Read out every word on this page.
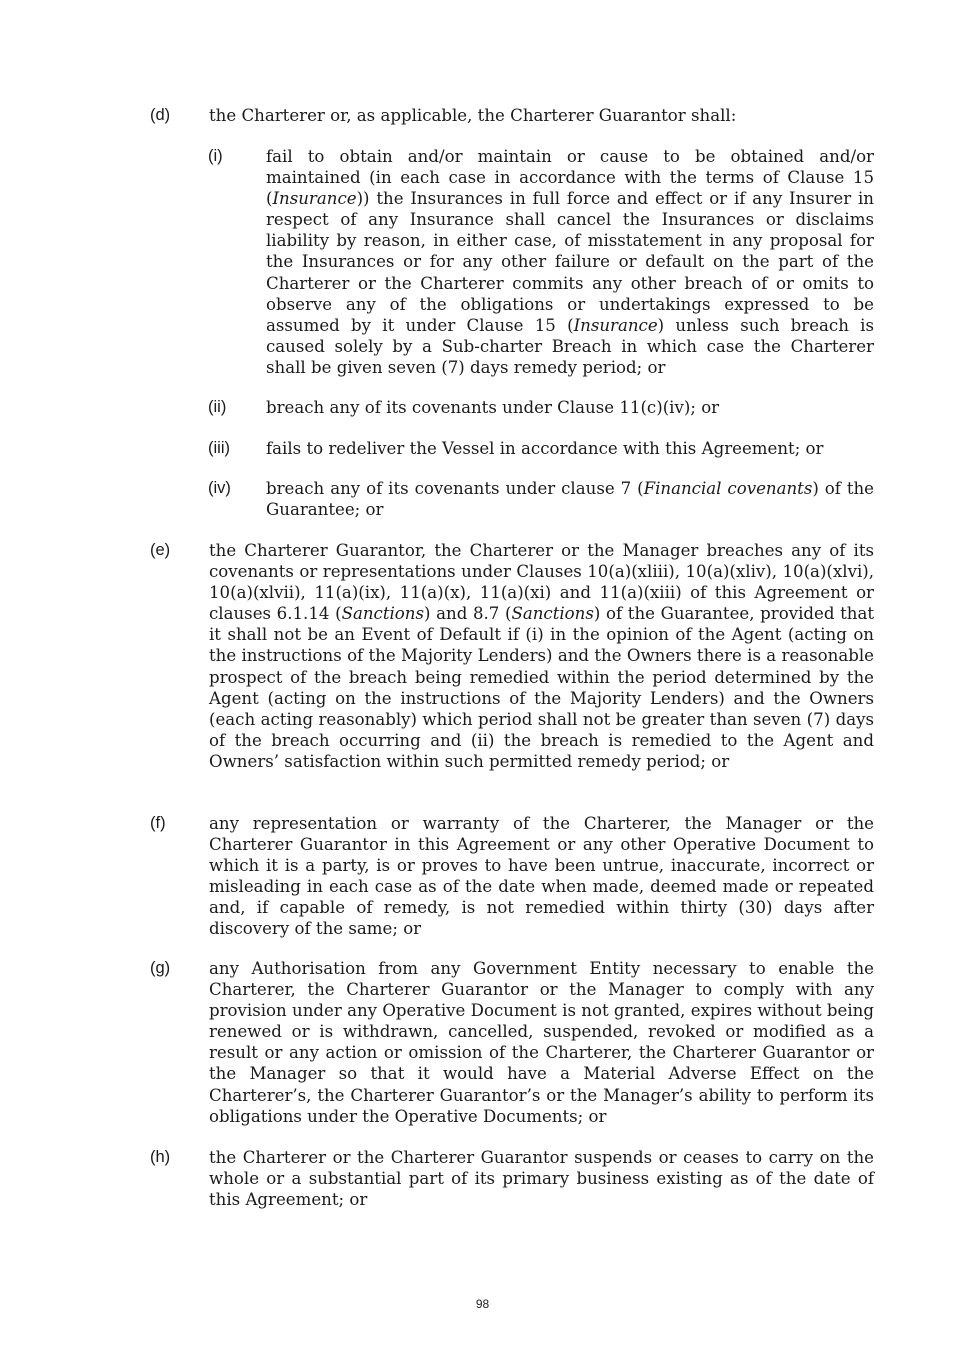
(d) the Charterer or, as applicable, the Charterer Guarantor shall:
(i)	fail to obtain and/or maintain or cause to be obtained and/or maintained (in each case in accordance with the terms of Clause 15 (Insurance)) the Insurances in full force and effect or if any Insurer in respect of any Insurance shall cancel the Insurances or disclaims liability by reason, in either case, of misstatement in any proposal for the Insurances or for any other failure or default on the part of the Charterer or the Charterer commits any other breach of or omits to observe any of the obligations or undertakings expressed to be assumed by it under Clause 15 (Insurance) unless such breach is caused solely by a Sub-charter Breach in which case the Charterer shall be given seven (7) days remedy period; or
(ii) breach any of its covenants under Clause 11(c)(iv); or
(iii) fails to redeliver the Vessel in accordance with this Agreement; or
(iv) breach any of its covenants under clause 7 (Financial covenants) of the Guarantee; or
(e) the Charterer Guarantor, the Charterer or the Manager breaches any of its covenants or representations under Clauses 10(a)(xliii), 10(a)(xliv), 10(a)(xlvi), 10(a)(xlvii), 11(a)(ix), 11(a)(x), 11(a)(xi) and 11(a)(xiii) of this Agreement or clauses 6.1.14 (Sanctions) and 8.7 (Sanctions) of the Guarantee, provided that it shall not be an Event of Default if (i) in the opinion of the Agent (acting on the instructions of the Majority Lenders) and the Owners there is a reasonable prospect of the breach being remedied within the period determined by the Agent (acting on the instructions of the Majority Lenders) and the Owners (each acting reasonably) which period shall not be greater than seven (7) days of the breach occurring and (ii) the breach is remedied to the Agent and Owners’ satisfaction within such permitted remedy period; or
(f)	any representation or warranty of the Charterer, the Manager or the Charterer Guarantor in this Agreement or any other Operative Document to which it is a party, is or proves to have been untrue, inaccurate, incorrect or misleading in each case as of the date when made, deemed made or repeated and, if capable of remedy, is not remedied within thirty (30) days after discovery of the same; or
(g) any Authorisation from any Government Entity necessary to enable the Charterer, the Charterer Guarantor or the Manager to comply with any provision under any Operative Document is not granted, expires without being renewed or is withdrawn, cancelled, suspended, revoked or modified as a result or any action or omission of the Charterer, the Charterer Guarantor or the Manager so that it would have a Material Adverse Effect on the Charterer’s, the Charterer Guarantor’s or the Manager’s ability to perform its obligations under the Operative Documents; or
(h) the Charterer or the Charterer Guarantor suspends or ceases to carry on the whole or a substantial part of its primary business existing as of the date of this Agreement; or
98
